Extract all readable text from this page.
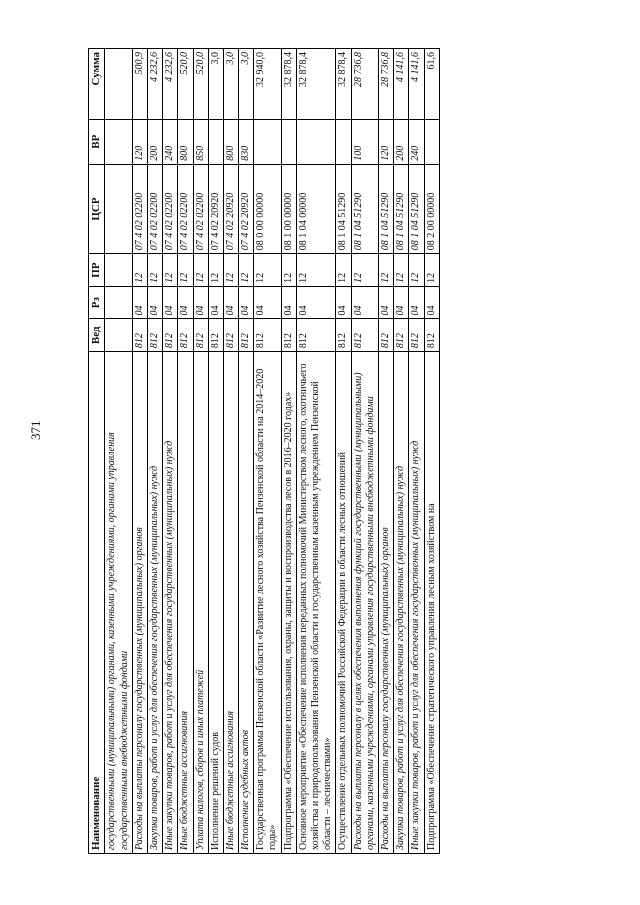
371
Наименование	Вед	Рз	ПР	ЦСР	ВР	Сумма
государственными (муниципальными) органами, казенными учреждениями, органами управления государственными внебюджетными фондами						
Расходы на выплаты персоналу государственных (муниципальных) органов	812	04	12	07 4 02 02200	120	500,9
Закупка товаров, работ и услуг для обеспечения государственных (муниципальных) нужд	812	04	12	07 4 02 02200	200	4 232,6
Иные закупки товаров, работ и услуг для обеспечения государственных (муниципальных) нужд	812	04	12	07 4 02 02200	240	4 232,6
Иные бюджетные ассигнования	812	04	12	07 4 02 02200	800	520,0
Уплата налогов, сборов и иных платежей	812	04	12	07 4 02 02200	850	520,0
Исполнение решений судов	812	04	12	07 4 02 20920		3,0
Иные бюджетные ассигнования	812	04	12	07 4 02 20920	800	3,0
Исполнение судебных актов	812	04	12	07 4 02 20920	830	3,0
Государственная программа Пензенской области «Развитие лесного хозяйства Пензенской области на 2014–2020 годы»	812	04	12	08 0 00 00000		32 940,0
Подпрограмма «Обеспечение использования, охраны, защиты и воспроизводства лесов в 2016–2020 годах»	812	04	12	08 1 00 00000		32 878,4
Основное мероприятие «Обеспечение исполнения переданных полномочий Министерством лесного, охотничьего хозяйства и природопользования Пензенской области и государственным казенным учреждением Пензенской области – лесничествами»	812	04	12	08 1 04 00000		32 878,4
Осуществление отдельных полномочий Российской Федерации в области лесных отношений	812	04	12	08 1 04 51290		32 878,4
Расходы на выплаты персоналу в целях обеспечения выполнения функций государственными (муниципальными) органами, казенными учреждениями, органами управления государственными внебюджетными фондами	812	04	12	08 1 04 51290	100	28 736,8
Расходы на выплаты персоналу государственных (муниципальных) органов	812	04	12	08 1 04 51290	120	28 736,8
Закупка товаров, работ и услуг для обеспечения государственных (муниципальных) нужд	812	04	12	08 1 04 51290	200	4 141,6
Иные закупки товаров, работ и услуг для обеспечения государственных (муниципальных) нужд	812	04	12	08 1 04 51290	240	4 141,6
Подпрограмма «Обеспечение стратегического управления лесным хозяйством на	812	04	12	08 2 00 00000		61,6
